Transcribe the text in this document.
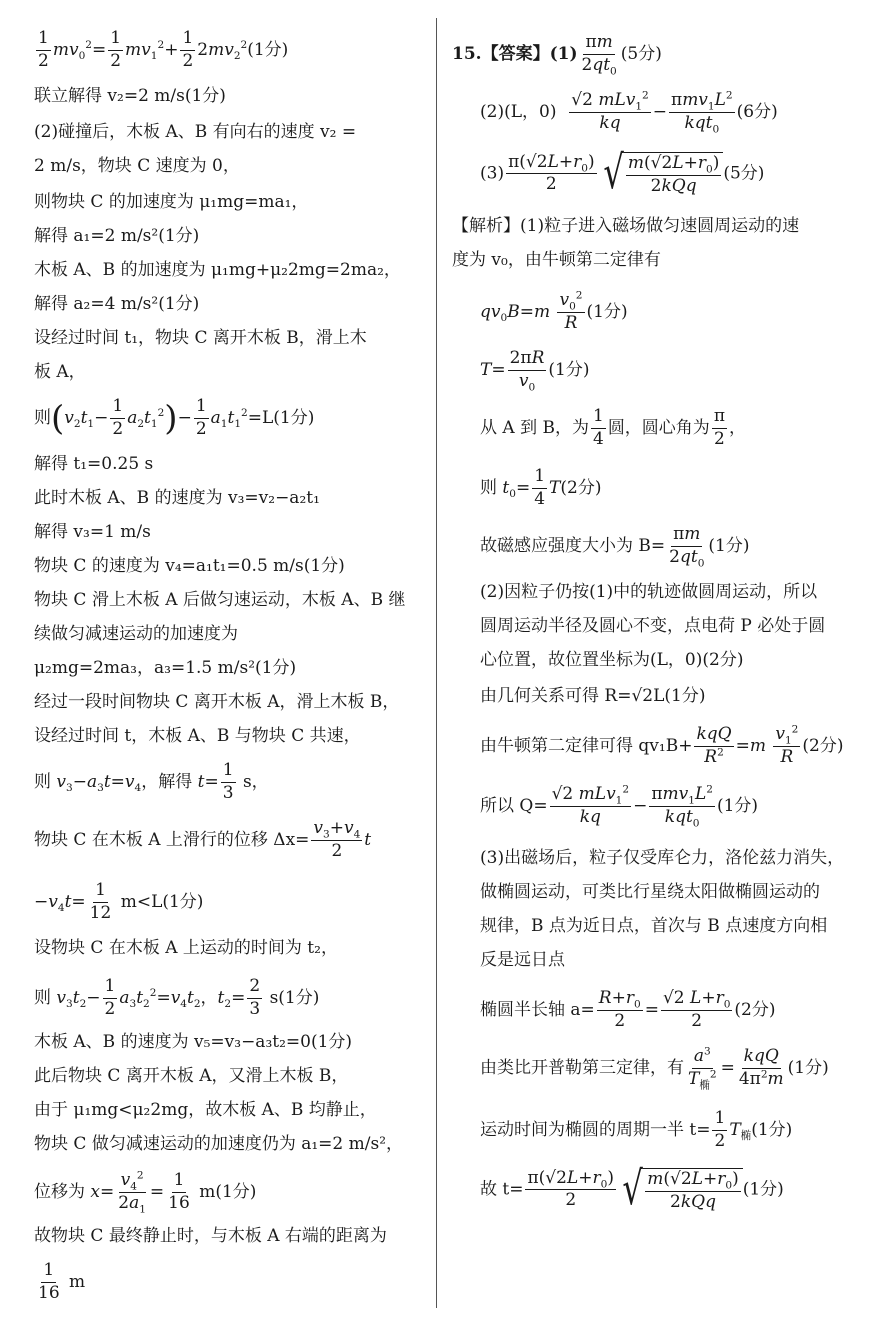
$\frac{1}{2} mv_0^2= \frac{1}{2} mv_1^2+ \frac{1}{2} 2mv_2^2(1$分)
联立解得 v₂=2 m/s(1分)
(2)碰撞后，木板 A、B 有向右的速度 v₂ =
2 m/s，物块 C 速度为 0，
则物块 C 的加速度为 μ₁mg=ma₁，
解得 a₁=2 m/s²(1分)
木板 A、B 的加速度为 μ₁mg+μ₂2mg=2ma₂，
解得 a₂=4 m/s²(1分)
设经过时间 t₁，物块 C 离开木板 B，滑上木
板 A，
则$(v_2t_1- \frac{1}{2} a_2t_1^2)- \frac{1}{2} a_1t_1^2=L(1$分)
解得 t₁=0.25 s
此时木板 A、B 的速度为 v₃=v₂−a₂t₁
解得 v₃=1 m/s
物块 C 的速度为 v₄=a₁t₁=0.5 m/s(1分)
物块 C 滑上木板 A 后做匀速运动，木板 A、B 继
续做匀减速运动的加速度为
μ₂mg=2ma₃，a₃=1.5 m/s²(1分)
经过一段时间物块 C 离开木板 A，滑上木板 B，
设经过时间 t，木板 A、B 与物块 C 共速，
则 $v_3-a_3t=v_4$，解得 $t= \frac{1}{3}$ s，
物块 C 在木板 A 上滑行的位移 $\Delta x= \frac{v_3+v_4}{2}$ t
$-v_4t= \frac{1}{12} m<L(1$分)
设物块 C 在木板 A 上运动的时间为 t₂，
则 $v_3t_2- \frac{1}{2} a_3t_2^2=v_4t_2$，$t_2= \frac{2}{3} s(1$分)
木板 A、B 的速度为 v₅=v₃−a₃t₂=0(1分)
此后物块 C 离开木板 A，又滑上木板 B，
由于 μ₁mg<μ₂2mg，故木板 A、B 均静止，
物块 C 做匀减速运动的加速度仍为 a₁=2 m/s²，
位移为 $x= \frac{v_4^2}{2a_1} = \frac{1}{16} m(1$分)
故物块 C 最终静止时，与木板 A 右端的距离为
$\frac{1}{16}$ m
15.【答案】$(1) \frac{\pi m}{2qt_0} (5$分)
(2)(L，0)
√2 mLv$_1^2$
kq
−
$\pi mv_1L^2$
kqt$_0$
(6分)
$(3) \frac{\pi(√2L+r_0)}{2}$ √ $m(√2L+r_0)$
2kQq
(5分)
【解析】(1)粒子进入磁场做匀速圆周运动的速
度为 v₀，由牛顿第二定律有
$qv_0B=m \frac{v_0^2}{R} (1$分)
$T= \frac{2\pi R}{v_0} (1$分)
从 A 到 B，为 $\frac{1}{4}$ 圆，圆心角为 $\frac{\pi}{2}$ ，
则 $t_0= \frac{1}{4} T(2$分)
故磁感应强度大小为 $B= \frac{\pi m}{2qt_0} (1$分)
(2)因粒子仍按(1)中的轨迹做圆周运动，所以
圆周运动半径及圆心不变，点电荷 P 必处于圆
心位置，故位置坐标为(L，0)(2分)
由几何关系可得 R=√2L(1分)
由牛顿第二定律可得 qv₁B+
kqQ
$R^2 =m \frac{v_1^2}{R} (2$分)
所以 Q=
√2 mLv$_1^2$
kq
−
$\pi mv_1L^2$
kqt$_0$
(1分)
(3)出磁场后，粒子仅受库仑力，洛伦兹力消失，
做椭圆运动，可类比行星绕太阳做椭圆运动的
规律，B 点为近日点，首次与 B 点速度方向相
反是远日点
椭圆半长轴 $a= \frac{R+r_0}{2} = \frac{√2 L+r_0}{2} (2$分)
由类比开普勒第三定律，有
$a^3$
$T_椭^2$ =
kqQ
$4\pi^2m$
(1分)
运动时间为椭圆的周期一半 $t= \frac{1}{2} T_椭(1$分)
故 $t= \frac{\pi(√2L+r_0)}{2}$ √ $m(√2L+r_0)$
2kQq
(1分)
